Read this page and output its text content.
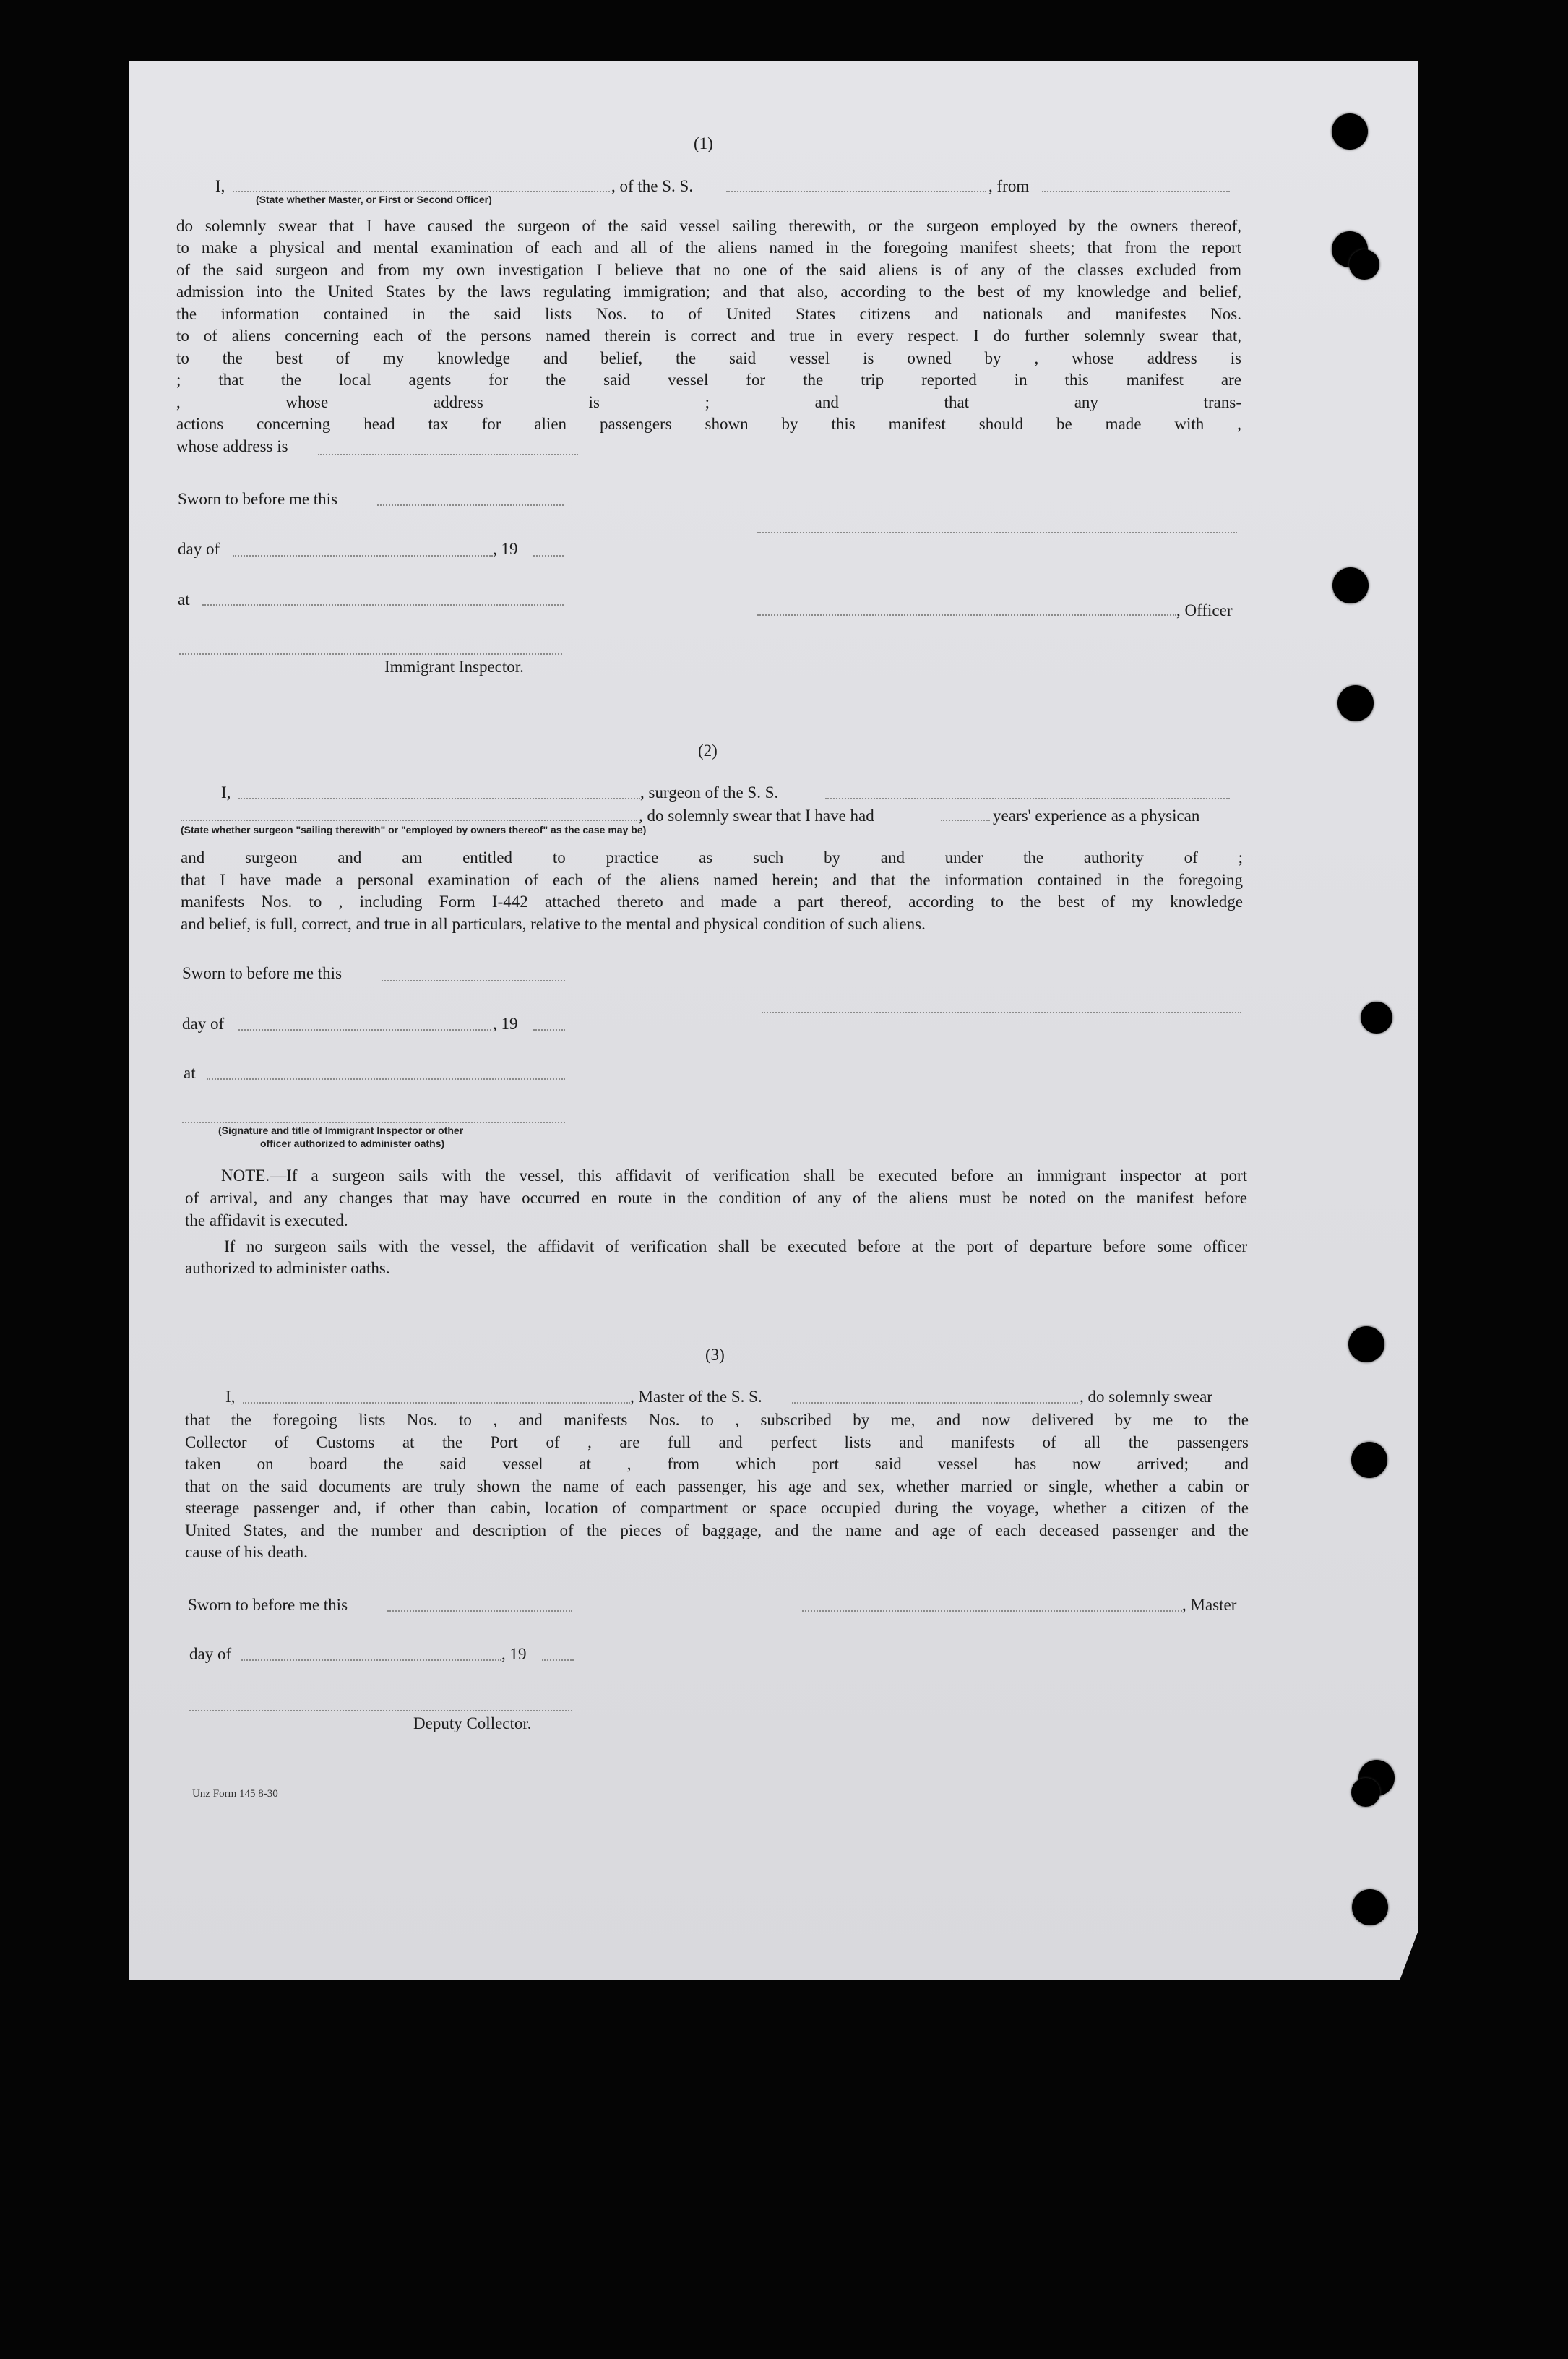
(1)
I,	, of the S. S.	, from
(State whether Master, or First or Second Officer)
do solemnly swear that I have caused the surgeon of the said vessel sailing therewith, or the surgeon employed by the owners thereof,
to make a physical and mental examination of each and all of the aliens named in the foregoing manifest sheets; that from the report
of the said surgeon and from my own investigation I believe that no one of the said aliens is of any of the classes excluded from
admission into the United States by the laws regulating immigration; and that also, according to the best of my knowledge and belief,
the information contained in the said lists Nos. to of United States citizens and nationals and manifestes Nos.
to of aliens concerning each of the persons named therein is correct and true in every respect. I do further solemnly swear that,
to the best of my knowledge and belief, the said vessel is owned by , whose address is
; that the local agents for the said vessel for the trip reported in this manifest are
, whose address is ; and that any trans-
actions concerning head tax for alien passengers shown by this manifest should be made with ,
whose address is
Sworn to before me this
day of	, 19
at
, Officer
Immigrant Inspector.
(2)
I,	, surgeon of the S. S.
, do solemnly swear that I have had	years' experience as a physican
(State whether surgeon "sailing therewith" or "employed by owners thereof" as the case may be)
and surgeon and am entitled to practice as such by and under the authority of ;
that I have made a personal examination of each of the aliens named herein; and that the information contained in the foregoing
manifests Nos. to , including Form I-442 attached thereto and made a part thereof, according to the best of my knowledge
and belief, is full, correct, and true in all particulars, relative to the mental and physical condition of such aliens.
Sworn to before me this
day of	, 19
at
(Signature and title of Immigrant Inspector or other
officer authorized to administer oaths)
NOTE.—If a surgeon sails with the vessel, this affidavit of verification shall be executed before an immigrant inspector at port
of arrival, and any changes that may have occurred en route in the condition of any of the aliens must be noted on the manifest before
the affidavit is executed.
If no surgeon sails with the vessel, the affidavit of verification shall be executed before at the port of departure before some officer
authorized to administer oaths.
(3)
I,	, Master of the S. S.	, do solemnly swear
that the foregoing lists Nos. to , and manifests Nos. to , subscribed by me, and now delivered by me to the
Collector of Customs at the Port of , are full and perfect lists and manifests of all the passengers
taken on board the said vessel at , from which port said vessel has now arrived; and
that on the said documents are truly shown the name of each passenger, his age and sex, whether married or single, whether a cabin or
steerage passenger and, if other than cabin, location of compartment or space occupied during the voyage, whether a citizen of the
United States, and the number and description of the pieces of baggage, and the name and age of each deceased passenger and the
cause of his death.
Sworn to before me this	, Master
day of	, 19
Deputy Collector.
Unz Form 145 8-30
